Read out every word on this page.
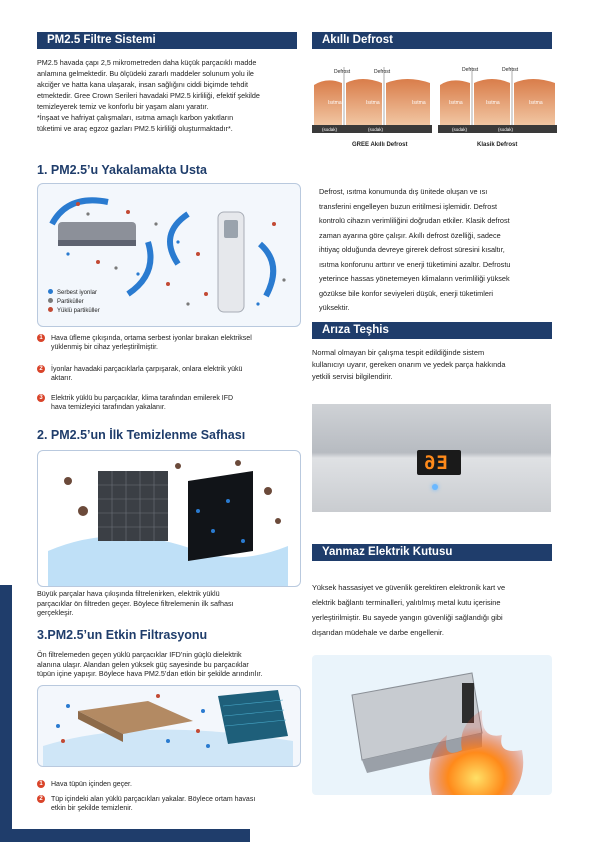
PM2.5 Filtre Sistemi
PM2.5 havada çapı 2,5 mikrometreden daha küçük parçacıklı madde
anlamına gelmektedir. Bu ölçüdeki zararlı maddeler solunum yolu ile
akciğer ve hatta kana ulaşarak, insan sağlığını ciddi biçimde tehdit
etmektedir. Gree Crown Serileri havadaki PM2.5 kirliliği, efektif şekilde
temizleyerek temiz ve konforlu bir yaşam alanı yaratır.
*İnşaat ve hafriyat çalışmaları, ısıtma amaçlı karbon yakıtların
tüketimi ve araç egzoz gazları PM2.5 kirliliği oluşturmaktadır*.
1. PM2.5’u Yakalamakta Usta
Serbest iyonlar
Partiküller
Yüklü partiküller
1 Hava üfleme çıkışında, ortama serbest iyonlar bırakan elektriksel
yüklenmiş bir cihaz yerleştirilmiştir.
2 İyonlar havadaki parçacıklarla çarpışarak, onlara elektrik yükü
aktarır.
3 Elektrik yüklü bu parçacıklar, klima tarafından emilerek IFD
hava temizleyici tarafından yakalanır.
2. PM2.5’un İlk Temizlenme Safhası
Büyük parçalar hava çıkışında filtrelenirken, elektrik yüklü
parçacıklar ön filtreden geçer. Böylece filtrelemenin ilk safhası
gerçekleşir.
3.PM2.5’un Etkin Filtrasyonu
Ön filtrelemeden geçen yüklü parçacıklar IFD’nin güçlü dielektrik
alanına ulaşır. Alandan gelen yüksek güç sayesinde bu parçacıklar
tüpün içine yapışır. Böylece hava PM2.5’dan etkin bir şekilde arındırılır.
1 Hava tüpün içinden geçer.
2 Tüp içindeki alan yüklü parçacıkları yakalar. Böylece ortam havası
etkin bir şekilde temizlenir.
Akıllı Defrost
Defrost	Defrost	Defrost	Defrost
Isıtma	Isıtma	Isıtma	Isıtma	Isıtma	Isıtma
(sodak)	(sodak)	(sodak)	(sodak)
GREE Akıllı Defrost	Klasik Defrost
Defrost, ısıtma konumunda dış ünitede oluşan ve ısı
transferini engelleyen buzun eritilmesi işlemidir. Defrost
kontrolü cihazın verimliliğini doğrudan etkiler. Klasik defrost
zaman ayarına göre çalışır. Akıllı defrost özelliği, sadece
ihtiyaç olduğunda devreye girerek defrost süresini kısaltır,
ısıtma konforunu arttırır ve enerji tüketimini azaltır. Defrostu
yeterince hassas yönetemeyen klimaların verimliliği yüksek
gözükse bile konfor seviyeleri düşük, enerji tüketimleri
yüksektir.
Arıza Teşhis
Normal olmayan bir çalışma tespit edildiğinde sistem
kullanıcıyı uyarır, gereken onarım ve yedek parça hakkında
yetkili servisi bilgilendirir.
E6
Yanmaz Elektrik Kutusu
Yüksek hassasiyet ve güvenlik gerektiren elektronik kart ve
elektrik bağlantı terminalleri, yalıtılmış metal kutu içerisine
yerleştirilmiştir. Bu sayede yangın güvenliği sağlandığı gibi
dışarıdan müdehale ve darbe engellenir.
